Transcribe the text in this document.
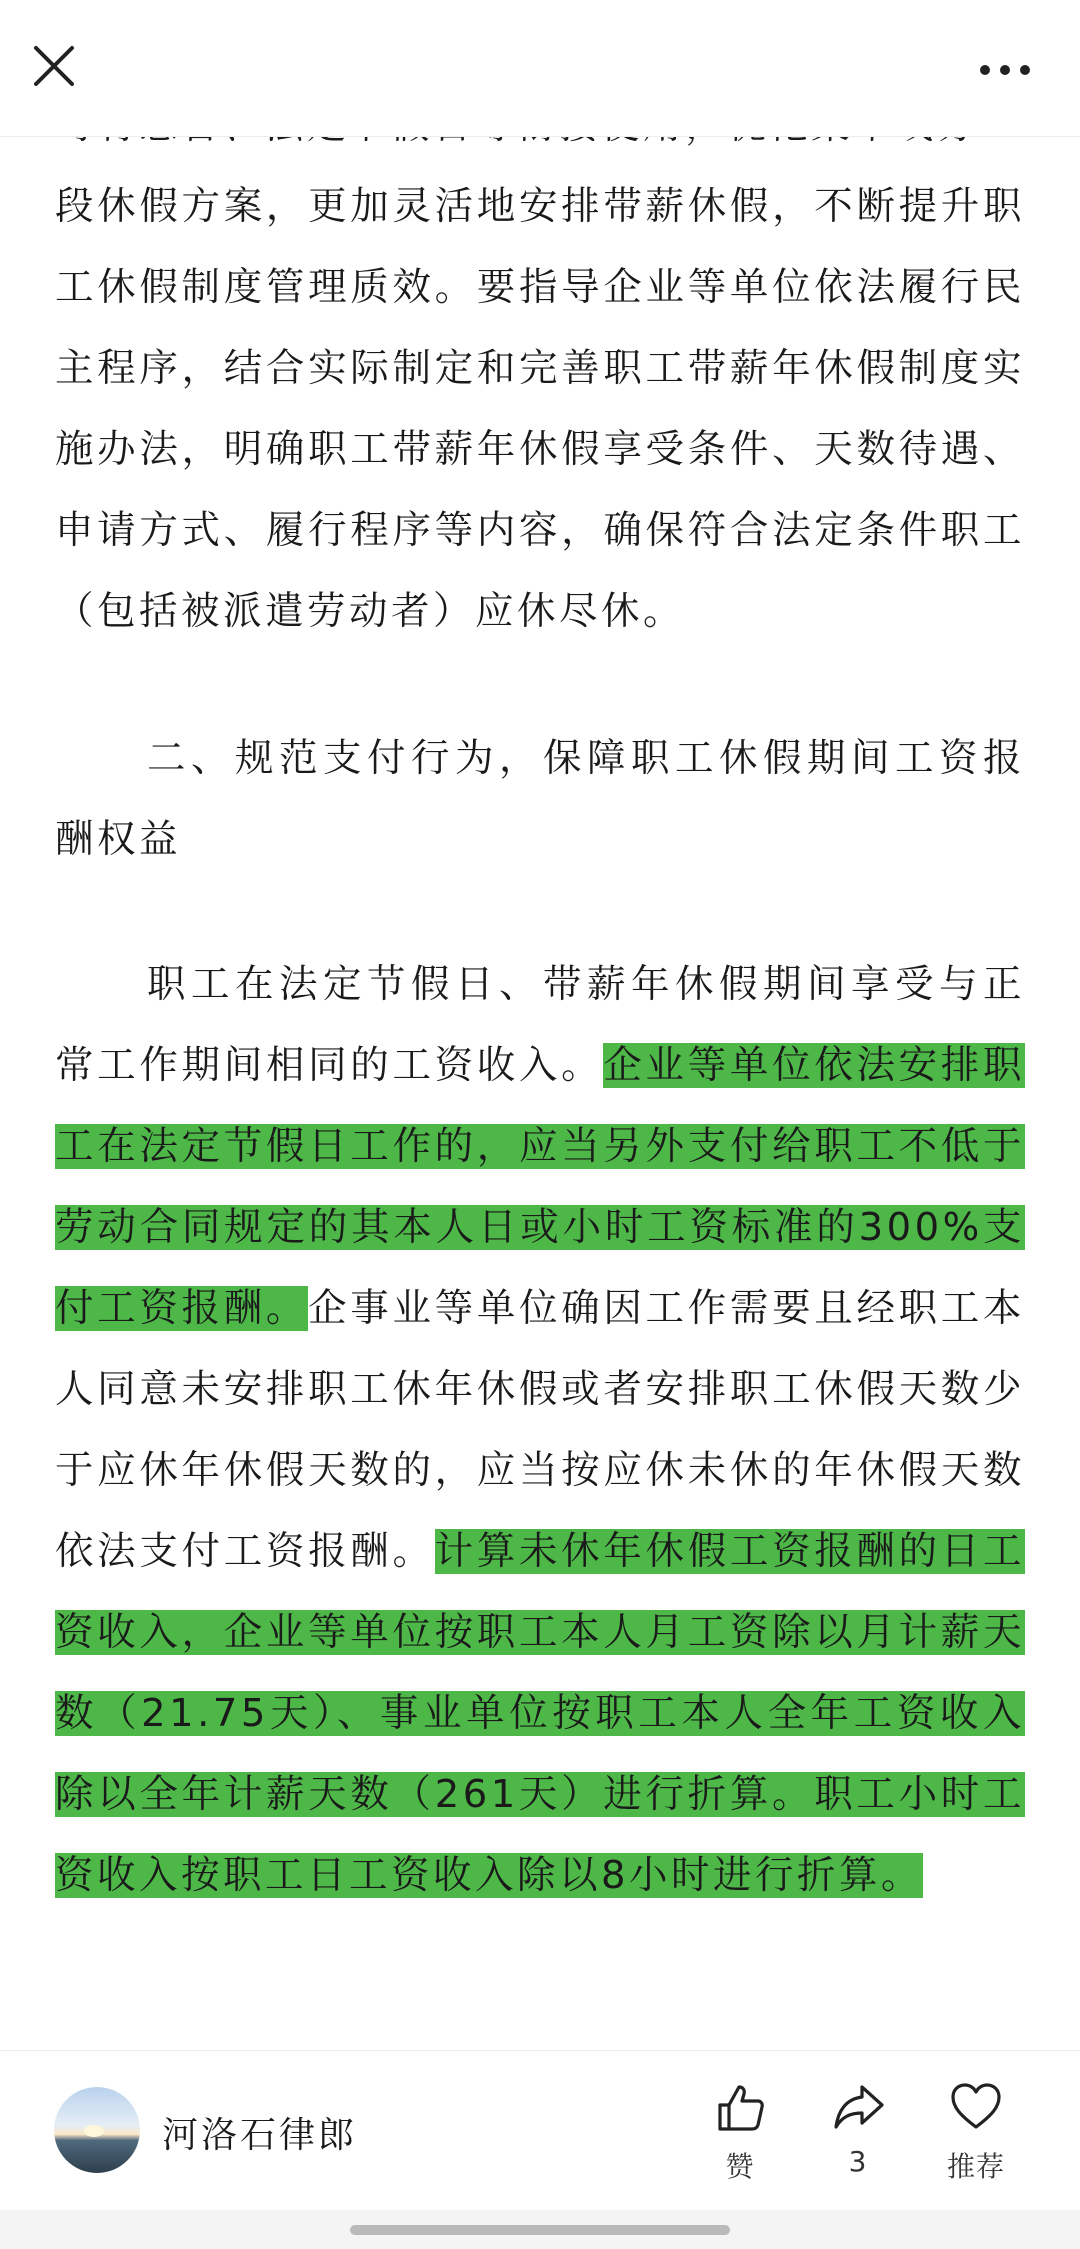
段休假方案，更加灵活地安排带薪休假，不断提升职工休假制度管理质效。要指导企业等单位依法履行民主程序，结合实际制定和完善职工带薪年休假制度实施办法，明确职工带薪年休假享受条件、天数待遇、申请方式、履行程序等内容，确保符合法定条件职工（包括被派遣劳动者）应休尽休。

二、规范支付行为，保障职工休假期间工资报酬权益

职工在法定节假日、带薪年休假期间享受与正常工作期间相同的工资收入。企业等单位依法安排职工在法定节假日工作的，应当另外支付给职工不低于劳动合同规定的其本人日或小时工资标准的300%支付工资报酬。企事业等单位确因工作需要且经职工本人同意未安排职工休年休假或者安排职工休假天数少于应休年休假天数的，应当按应休未休的年休假天数依法支付工资报酬。计算未休年休假工资报酬的日工资收入，企业等单位按职工本人月工资除以月计薪天数（21.75天）、事业单位按职工本人全年工资收入除以全年计薪天数（261天）进行折算。职工小时工资收入按职工日工资收入除以8小时进行折算。

河洛石律郎
赞	3	推荐
